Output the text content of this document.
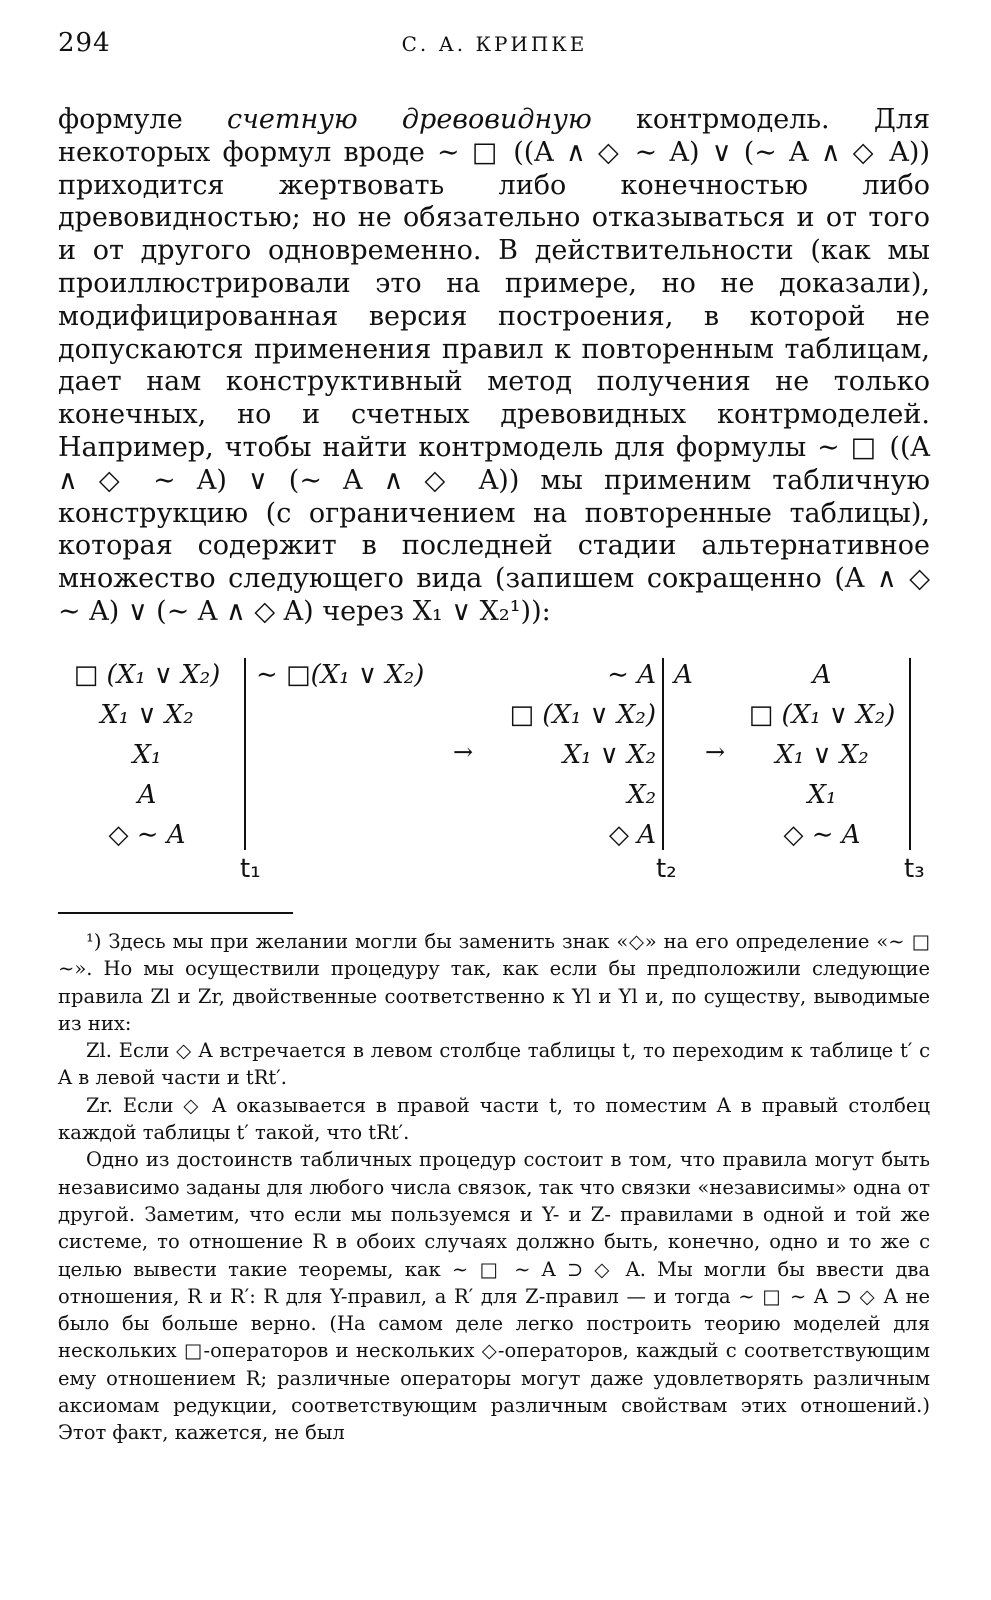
294	С. А. КРИПКЕ
формуле счетную древовидную контрмодель. Для некоторых формул вроде ∼ □ ((A ∧ ◇ ∼ A) ∨ (∼ A ∧ ◇ A)) приходится жертвовать либо конечностью либо древовидностью; но не обязательно отказываться и от того и от другого одновременно. В действительности (как мы проиллюстрировали это на примере, но не доказали), модифицированная версия построения, в которой не допускаются применения правил к повторенным таблицам, дает нам конструктивный метод получения не только конечных, но и счетных древовидных контрмоделей. Например, чтобы найти контрмодель для формулы ∼ □ ((A ∧ ◇ ∼ A) ∨ (∼ A ∧ ◇ A)) мы применим табличную конструкцию (с ограничением на повторенные таблицы), которая содержит в последней стадии альтернативное множество следующего вида (запишем сокращенно (A ∧ ◇ ∼ A) ∨ (∼ A ∧ ◇ A) через X₁ ∨ X₂¹)):
□ (X₁ ∨ X₂)
X₁ ∨ X₂
X₁
A
◇ ∼ A
∼ □(X₁ ∨ X₂)
t₁
→
∼ A
□ (X₁ ∨ X₂)
X₁ ∨ X₂
X₂
◇ A
A
t₂
→
A
□ (X₁ ∨ X₂)
X₁ ∨ X₂
X₁
◇ ∼ A
t₃
¹) Здесь мы при желании могли бы заменить знак «◇» на его определение «∼ □ ∼». Но мы осуществили процедуру так, как если бы предположили следующие правила Zl и Zr, двойственные соответственно к Yl и Yl и, по существу, выводимые из них:
Zl. Если ◇ A встречается в левом столбце таблицы t, то переходим к таблице t′ с A в левой части и tRt′.
Zr. Если ◇ A оказывается в правой части t, то поместим A в правый столбец каждой таблицы t′ такой, что tRt′.
Одно из достоинств табличных процедур состоит в том, что правила могут быть независимо заданы для любого числа связок, так что связки «независимы» одна от другой. Заметим, что если мы пользуемся и Y- и Z- правилами в одной и той же системе, то отношение R в обоих случаях должно быть, конечно, одно и то же с целью вывести такие теоремы, как ∼ □ ∼ A ⊃ ◇ A. Мы могли бы ввести два отношения, R и R′: R для Y-правил, а R′ для Z-правил — и тогда ∼ □ ∼ A ⊃ ◇ A не было бы больше верно. (На самом деле легко построить теорию моделей для нескольких □-операторов и нескольких ◇-операторов, каждый с соответствующим ему отношением R; различные операторы могут даже удовлетворять различным аксиомам редукции, соответствующим различным свойствам этих отношений.) Этот факт, кажется, не был
